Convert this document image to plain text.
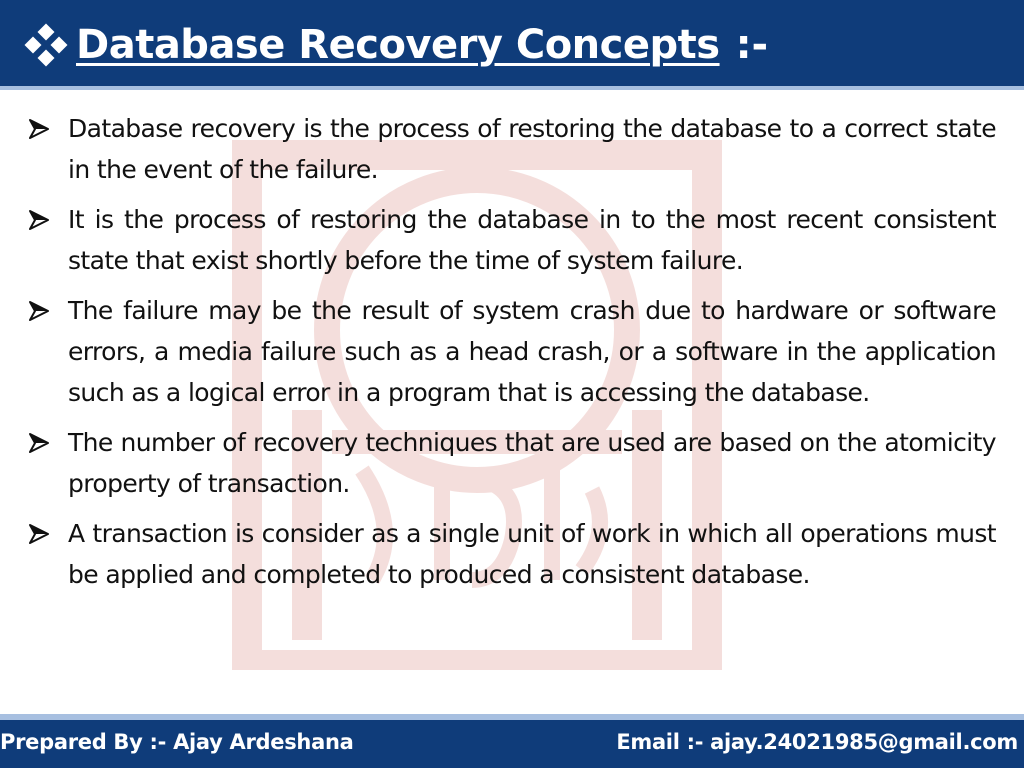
Database Recovery Concepts :-
Database recovery is the process of restoring the database to a correct state in the event of the failure.
It is the process of restoring the database in to the most recent consistent state that exist shortly before the time of system failure.
The failure may be the result of system crash due to hardware or software errors, a media failure such as a head crash, or a software in the application such as a logical error in a program that is accessing the database.
The number of recovery techniques that are used are based on the atomicity property of transaction.
A transaction is consider as a single unit of work in which all operations must be applied and completed to produced a consistent database.
Prepared By :- Ajay Ardeshana	Email :- ajay.24021985@gmail.com
